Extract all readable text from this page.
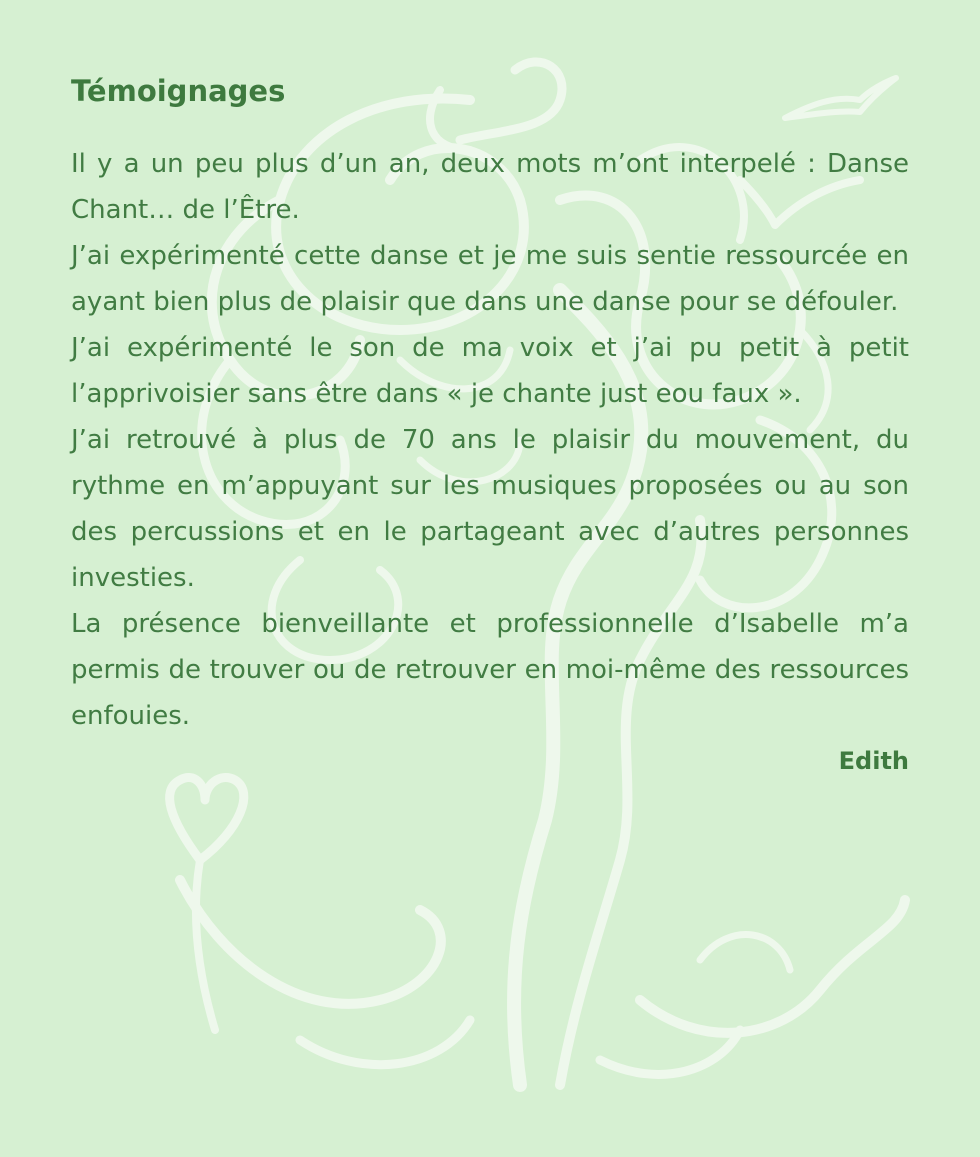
Témoignages

Il y a un peu plus d’un an, deux mots m’ont interpelé : Danse Chant… de l’Être.

J’ai expérimenté cette danse et je me suis sentie ressourcée en ayant bien plus de plaisir que dans une danse pour se défouler.

J’ai expérimenté le son de ma voix et j’ai pu petit à petit l’apprivoisier sans être dans « je chante just eou faux ».

J’ai retrouvé à plus de 70 ans le plaisir du mouvement, du rythme en m’appuyant sur les musiques proposées ou au son des percussions et en le partageant avec d’autres personnes investies.

La présence bienveillante et professionnelle d’Isabelle m’a permis de trouver ou de retrouver en moi-même des ressources enfouies.

Edith
